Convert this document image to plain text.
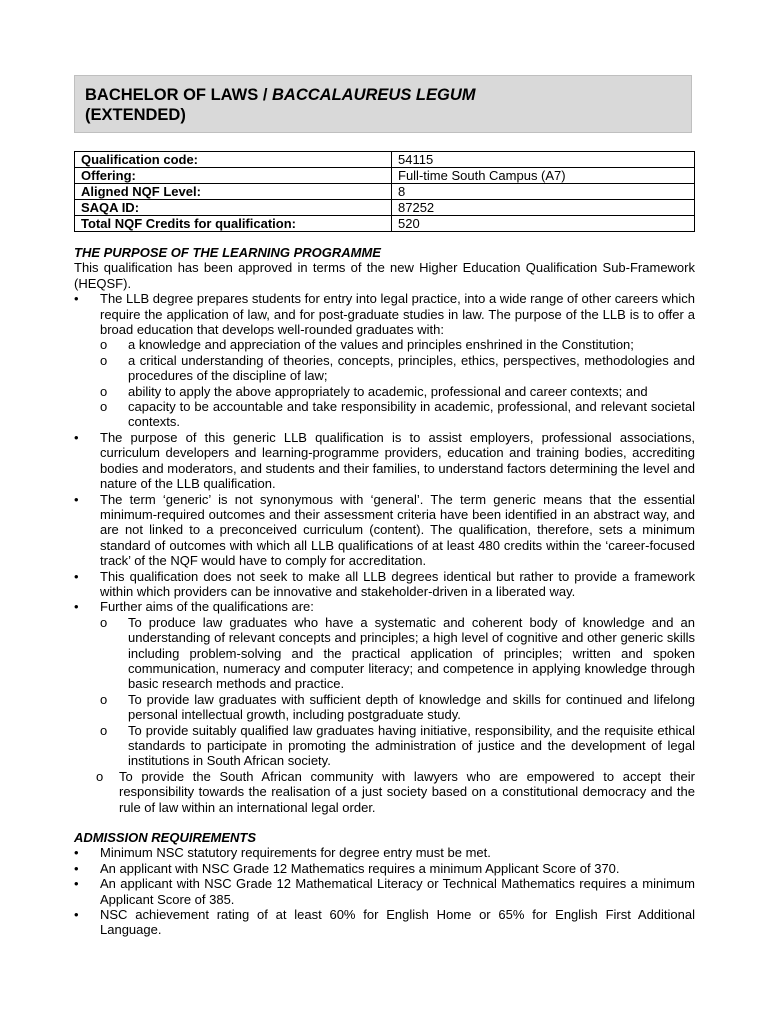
BACHELOR OF LAWS / BACCALAUREUS LEGUM
(EXTENDED)
Qualification code:	54115
Offering:	Full-time South Campus (A7)
Aligned NQF Level:	8
SAQA ID:	87252
Total NQF Credits for qualification:	520
THE PURPOSE OF THE LEARNING PROGRAMME

This qualification has been approved in terms of the new Higher Education Qualification Sub-Framework (HEQSF).

• The LLB degree prepares students for entry into legal practice, into a wide range of other careers which require the application of law, and for post-graduate studies in law. The purpose of the LLB is to offer a broad education that develops well-rounded graduates with:
o a knowledge and appreciation of the values and principles enshrined in the Constitution;
o a critical understanding of theories, concepts, principles, ethics, perspectives, methodologies and procedures of the discipline of law;
o ability to apply the above appropriately to academic, professional and career contexts; and
o capacity to be accountable and take responsibility in academic, professional, and relevant societal contexts.
• The purpose of this generic LLB qualification is to assist employers, professional associations, curriculum developers and learning-programme providers, education and training bodies, accrediting bodies and moderators, and students and their families, to understand factors determining the level and nature of the LLB qualification.
• The term ‘generic’ is not synonymous with ‘general’. The term generic means that the essential minimum-required outcomes and their assessment criteria have been identified in an abstract way, and are not linked to a preconceived curriculum (content). The qualification, therefore, sets a minimum standard of outcomes with which all LLB qualifications of at least 480 credits within the ‘career-focused track’ of the NQF would have to comply for accreditation.
• This qualification does not seek to make all LLB degrees identical but rather to provide a framework within which providers can be innovative and stakeholder-driven in a liberated way.
• Further aims of the qualifications are:
o To produce law graduates who have a systematic and coherent body of knowledge and an understanding of relevant concepts and principles; a high level of cognitive and other generic skills including problem-solving and the practical application of principles; written and spoken communication, numeracy and computer literacy; and competence in applying knowledge through basic research methods and practice.
o To provide law graduates with sufficient depth of knowledge and skills for continued and lifelong personal intellectual growth, including postgraduate study.
o To provide suitably qualified law graduates having initiative, responsibility, and the requisite ethical standards to participate in promoting the administration of justice and the development of legal institutions in South African society.
o To provide the South African community with lawyers who are empowered to accept their responsibility towards the realisation of a just society based on a constitutional democracy and the rule of law within an international legal order.
ADMISSION REQUIREMENTS
• Minimum NSC statutory requirements for degree entry must be met.
• An applicant with NSC Grade 12 Mathematics requires a minimum Applicant Score of 370.
• An applicant with NSC Grade 12 Mathematical Literacy or Technical Mathematics requires a minimum Applicant Score of 385.
• NSC achievement rating of at least 60% for English Home or 65% for English First Additional Language.
